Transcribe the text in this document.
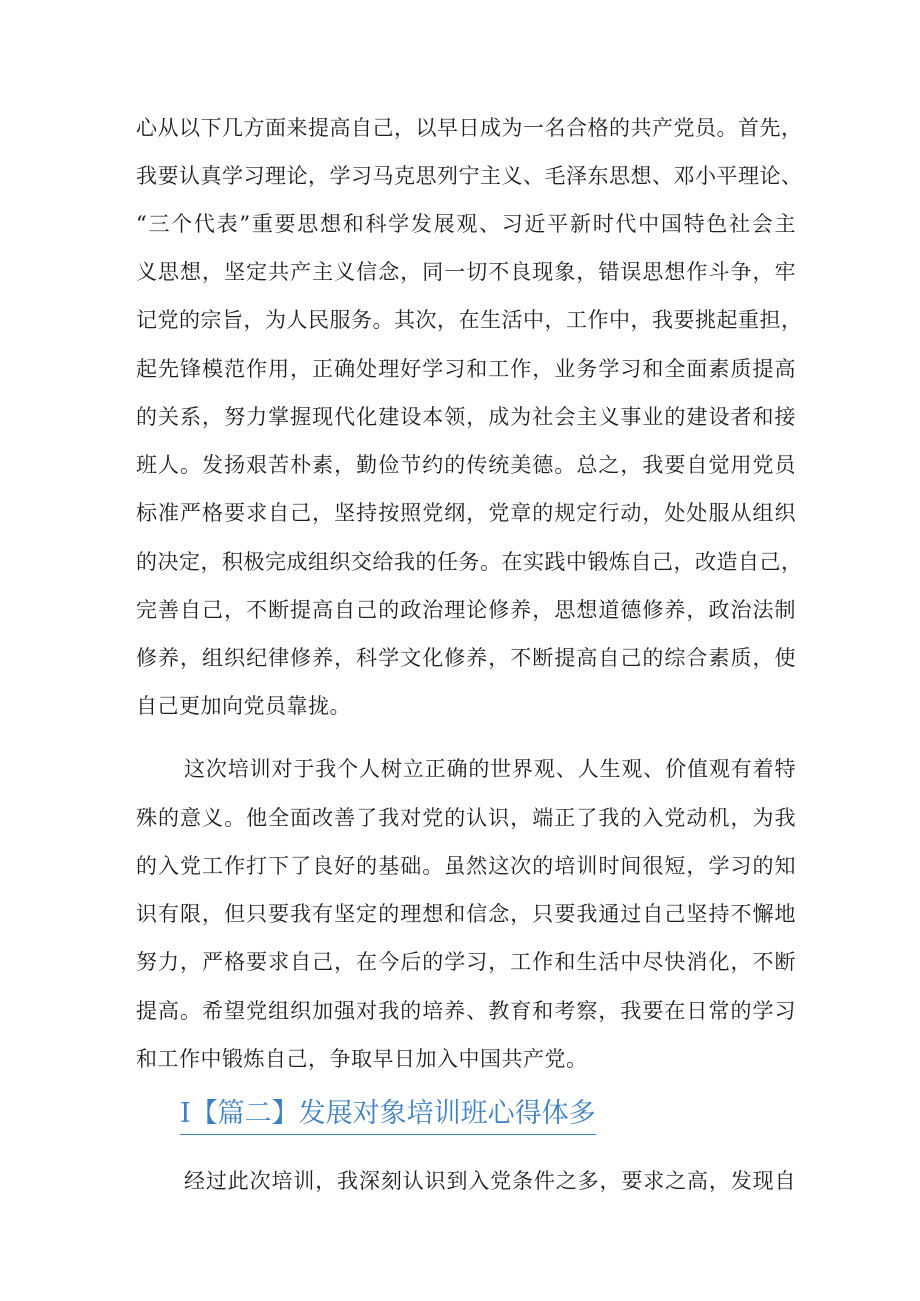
心从以下几方面来提高自己，以早日成为一名合格的共产党员。首先，
我要认真学习理论，学习马克思列宁主义、毛泽东思想、邓小平理论、
“三个代表”重要思想和科学发展观、习近平新时代中国特色社会主
义思想，坚定共产主义信念，同一切不良现象，错误思想作斗争，牢
记党的宗旨，为人民服务。其次，在生活中，工作中，我要挑起重担，
起先锋模范作用，正确处理好学习和工作，业务学习和全面素质提高
的关系，努力掌握现代化建设本领，成为社会主义事业的建设者和接
班人。发扬艰苦朴素，勤俭节约的传统美德。总之，我要自觉用党员
标准严格要求自己，坚持按照党纲，党章的规定行动，处处服从组织
的决定，积极完成组织交给我的任务。在实践中锻炼自己，改造自己，
完善自己，不断提高自己的政治理论修养，思想道德修养，政治法制
修养，组织纪律修养，科学文化修养，不断提高自己的综合素质，使
自己更加向党员靠拢。
这次培训对于我个人树立正确的世界观、人生观、价值观有着特
殊的意义。他全面改善了我对党的认识，端正了我的入党动机，为我
的入党工作打下了良好的基础。虽然这次的培训时间很短，学习的知
识有限，但只要我有坚定的理想和信念，只要我通过自己坚持不懈地
努力，严格要求自己，在今后的学习，工作和生活中尽快消化，不断
提高。希望党组织加强对我的培养、教育和考察，我要在日常的学习
和工作中锻炼自己，争取早日加入中国共产党。
I【篇二】发展对象培训班心得体多
经过此次培训，我深刻认识到入党条件之多，要求之高，发现自
